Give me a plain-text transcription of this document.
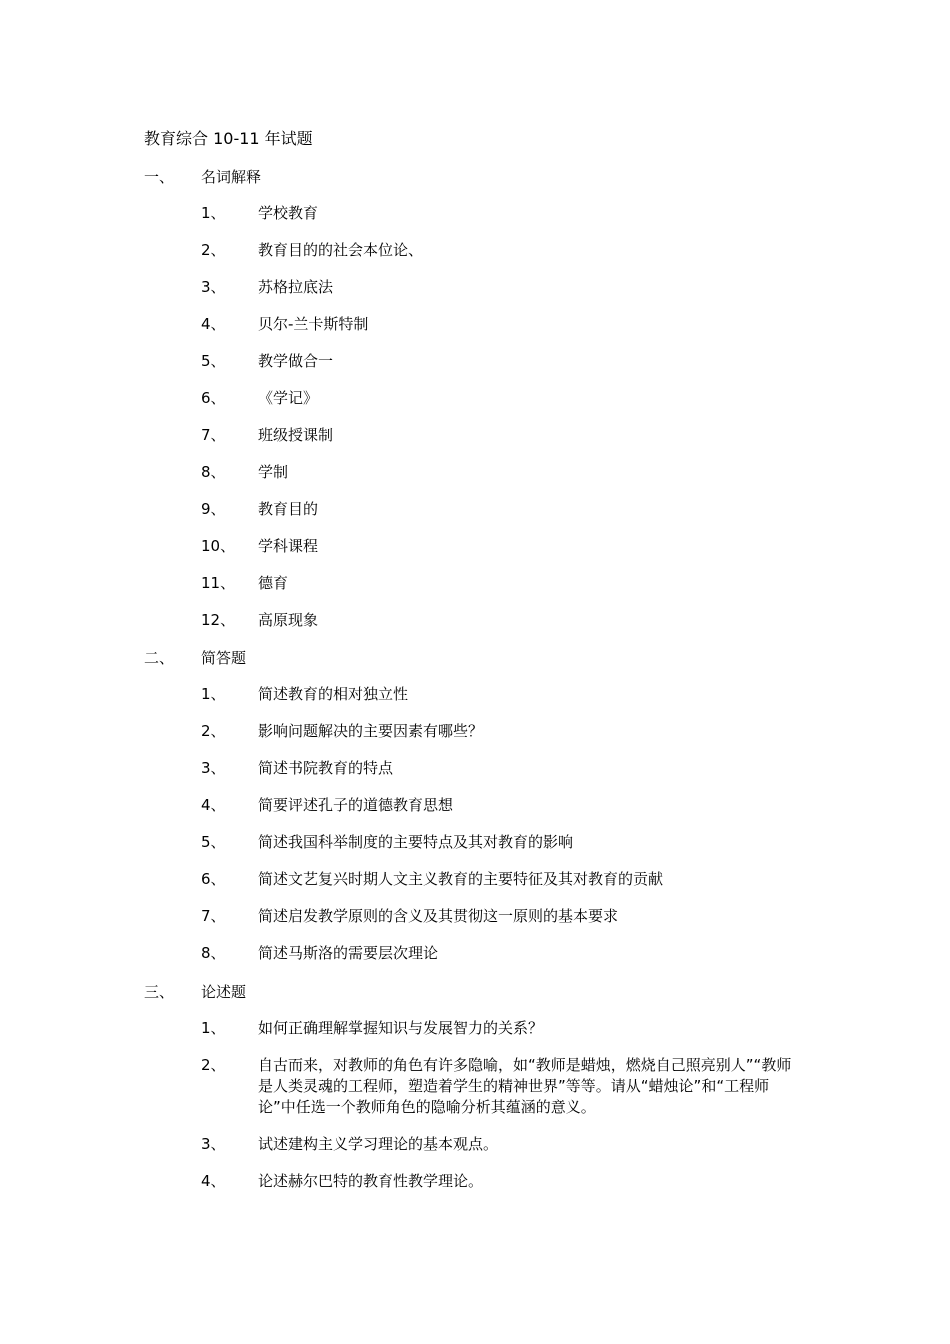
教育综合 10-11 年试题
一、 名词解释
1、 学校教育
2、 教育目的的社会本位论、
3、 苏格拉底法
4、 贝尔-兰卡斯特制
5、 教学做合一
6、 《学记》
7、 班级授课制
8、 学制
9、 教育目的
10、 学科课程
11、 德育
12、 高原现象
二、 简答题
1、 简述教育的相对独立性
2、 影响问题解决的主要因素有哪些？
3、 简述书院教育的特点
4、 简要评述孔子的道德教育思想
5、 简述我国科举制度的主要特点及其对教育的影响
6、 简述文艺复兴时期人文主义教育的主要特征及其对教育的贡献
7、 简述启发教学原则的含义及其贯彻这一原则的基本要求
8、 简述马斯洛的需要层次理论
三、 论述题
1、 如何正确理解掌握知识与发展智力的关系？
2、 自古而来，对教师的角色有许多隐喻，如“教师是蜡烛，燃烧自己照亮别人”“教师是人类灵魂的工程师，塑造着学生的精神世界”等等。请从“蜡烛论”和“工程师论”中任选一个教师角色的隐喻分析其蕴涵的意义。
3、 试述建构主义学习理论的基本观点。
4、 论述赫尔巴特的教育性教学理论。
